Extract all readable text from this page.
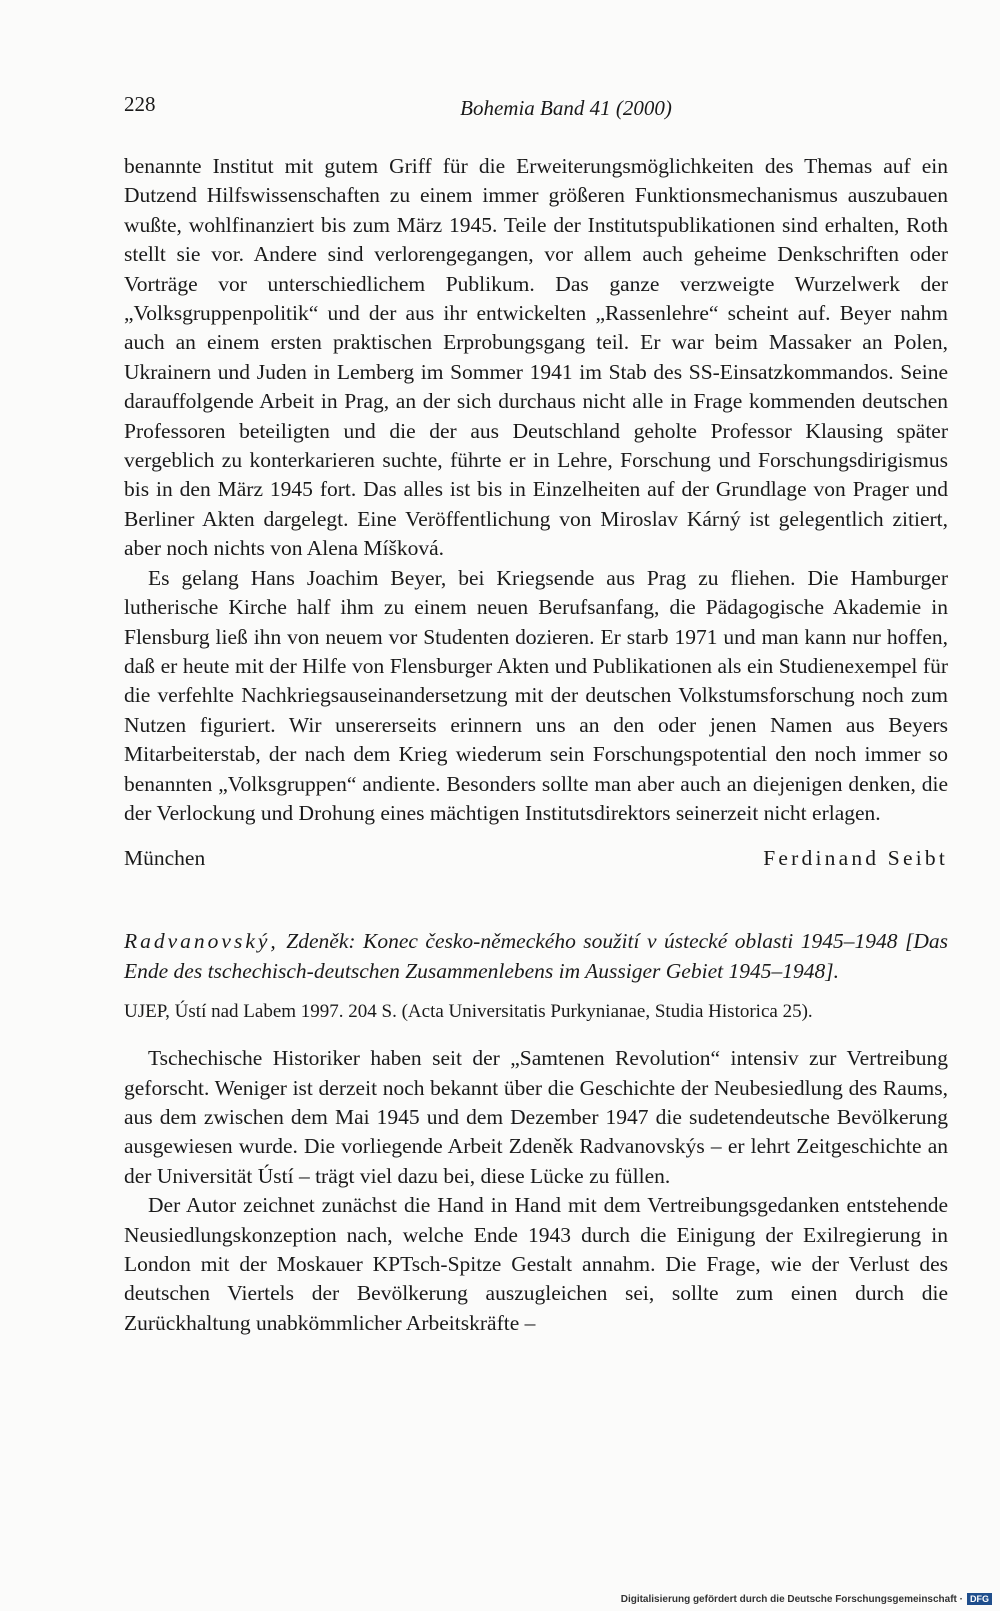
228	Bohemia Band 41 (2000)

benannte Institut mit gutem Griff für die Erweiterungsmöglichkeiten des Themas auf ein Dutzend Hilfswissenschaften zu einem immer größeren Funktionsmechanismus auszubauen wußte, wohlfinanziert bis zum März 1945. Teile der Institutspublikationen sind erhalten, Roth stellt sie vor. Andere sind verlorengegangen, vor allem auch geheime Denkschriften oder Vorträge vor unterschiedlichem Publikum. Das ganze verzweigte Wurzelwerk der „Volksgruppenpolitik“ und der aus ihr entwickelten „Rassenlehre“ scheint auf. Beyer nahm auch an einem ersten praktischen Erprobungsgang teil. Er war beim Massaker an Polen, Ukrainern und Juden in Lemberg im Sommer 1941 im Stab des SS-Einsatzkommandos. Seine darauffolgende Arbeit in Prag, an der sich durchaus nicht alle in Frage kommenden deutschen Professoren beteiligten und die der aus Deutschland geholte Professor Klausing später vergeblich zu konterkarieren suchte, führte er in Lehre, Forschung und Forschungsdirigismus bis in den März 1945 fort. Das alles ist bis in Einzelheiten auf der Grundlage von Prager und Berliner Akten dargelegt. Eine Veröffentlichung von Miroslav Kárný ist gelegentlich zitiert, aber noch nichts von Alena Míšková.

Es gelang Hans Joachim Beyer, bei Kriegsende aus Prag zu fliehen. Die Hamburger lutherische Kirche half ihm zu einem neuen Berufsanfang, die Pädagogische Akademie in Flensburg ließ ihn von neuem vor Studenten dozieren. Er starb 1971 und man kann nur hoffen, daß er heute mit der Hilfe von Flensburger Akten und Publikationen als ein Studienexempel für die verfehlte Nachkriegsauseinandersetzung mit der deutschen Volkstumsforschung noch zum Nutzen figuriert. Wir unsererseits erinnern uns an den oder jenen Namen aus Beyers Mitarbeiterstab, der nach dem Krieg wiederum sein Forschungspotential den noch immer so benannten „Volksgruppen“ andiente. Besonders sollte man aber auch an diejenigen denken, die der Verlockung und Drohung eines mächtigen Institutsdirektors seinerzeit nicht erlagen.

München	Ferdinand Seibt
Radvanovský, Zdeněk: Konec česko-německého soužití v ústecké oblasti 1945–1948 [Das Ende des tschechisch-deutschen Zusammenlebens im Aussiger Gebiet 1945–1948].
UJEP, Ústí nad Labem 1997. 204 S. (Acta Universitatis Purkynianae, Studia Historica 25).

Tschechische Historiker haben seit der „Samtenen Revolution“ intensiv zur Vertreibung geforscht. Weniger ist derzeit noch bekannt über die Geschichte der Neubesiedlung des Raums, aus dem zwischen dem Mai 1945 und dem Dezember 1947 die sudetendeutsche Bevölkerung ausgewiesen wurde. Die vorliegende Arbeit Zdeněk Radvanovskýs – er lehrt Zeitgeschichte an der Universität Ústí – trägt viel dazu bei, diese Lücke zu füllen.

Der Autor zeichnet zunächst die Hand in Hand mit dem Vertreibungsgedanken entstehende Neusiedlungskonzeption nach, welche Ende 1943 durch die Einigung der Exilregierung in London mit der Moskauer KPTsch-Spitze Gestalt annahm. Die Frage, wie der Verlust des deutschen Viertels der Bevölkerung auszugleichen sei, sollte zum einen durch die Zurückhaltung unabkömmlicher Arbeitskräfte –

Digitalisierung gefördert durch die Deutsche Forschungsgemeinschaft · DFG
